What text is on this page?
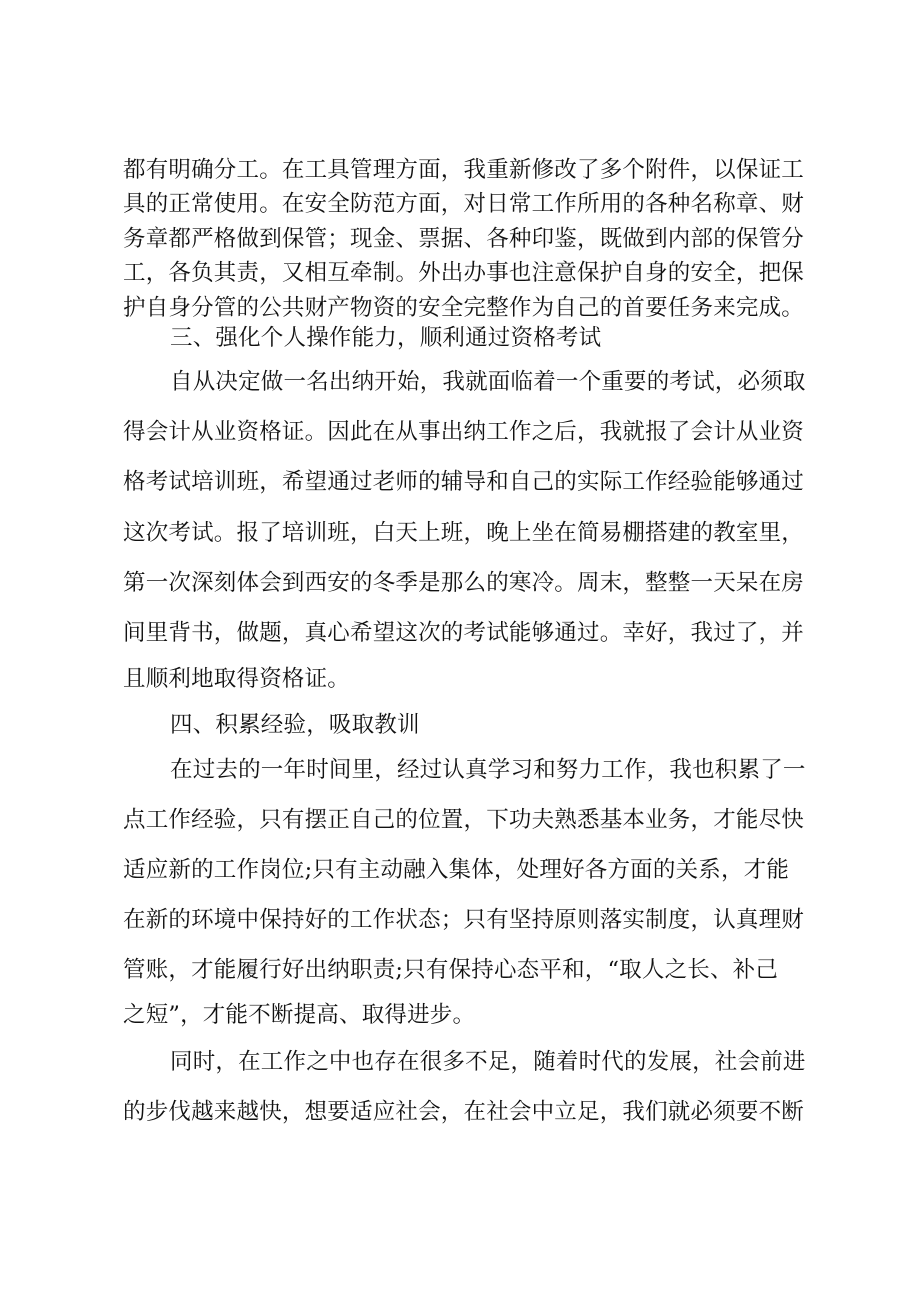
都有明确分工。在工具管理方面，我重新修改了多个附件，以保证工
具的正常使用。在安全防范方面，对日常工作所用的各种名称章、财
务章都严格做到保管；现金、票据、各种印鉴，既做到内部的保管分
工，各负其责，又相互牵制。外出办事也注意保护自身的安全，把保
护自身分管的公共财产物资的安全完整作为自己的首要任务来完成。
三、强化个人操作能力，顺利通过资格考试
自从决定做一名出纳开始，我就面临着一个重要的考试，必须取
得会计从业资格证。因此在从事出纳工作之后，我就报了会计从业资
格考试培训班，希望通过老师的辅导和自己的实际工作经验能够通过
这次考试。报了培训班，白天上班，晚上坐在简易棚搭建的教室里，
第一次深刻体会到西安的冬季是那么的寒冷。周末，整整一天呆在房
间里背书，做题，真心希望这次的考试能够通过。幸好，我过了，并
且顺利地取得资格证。
四、积累经验，吸取教训
在过去的一年时间里，经过认真学习和努力工作，我也积累了一
点工作经验，只有摆正自己的位置，下功夫熟悉基本业务，才能尽快
适应新的工作岗位;只有主动融入集体，处理好各方面的关系，才能
在新的环境中保持好的工作状态；只有坚持原则落实制度，认真理财
管账，才能履行好出纳职责;只有保持心态平和，“取人之长、补己
之短”，才能不断提高、取得进步。
同时，在工作之中也存在很多不足，随着时代的发展，社会前进
的步伐越来越快，想要适应社会，在社会中立足，我们就必须要不断
